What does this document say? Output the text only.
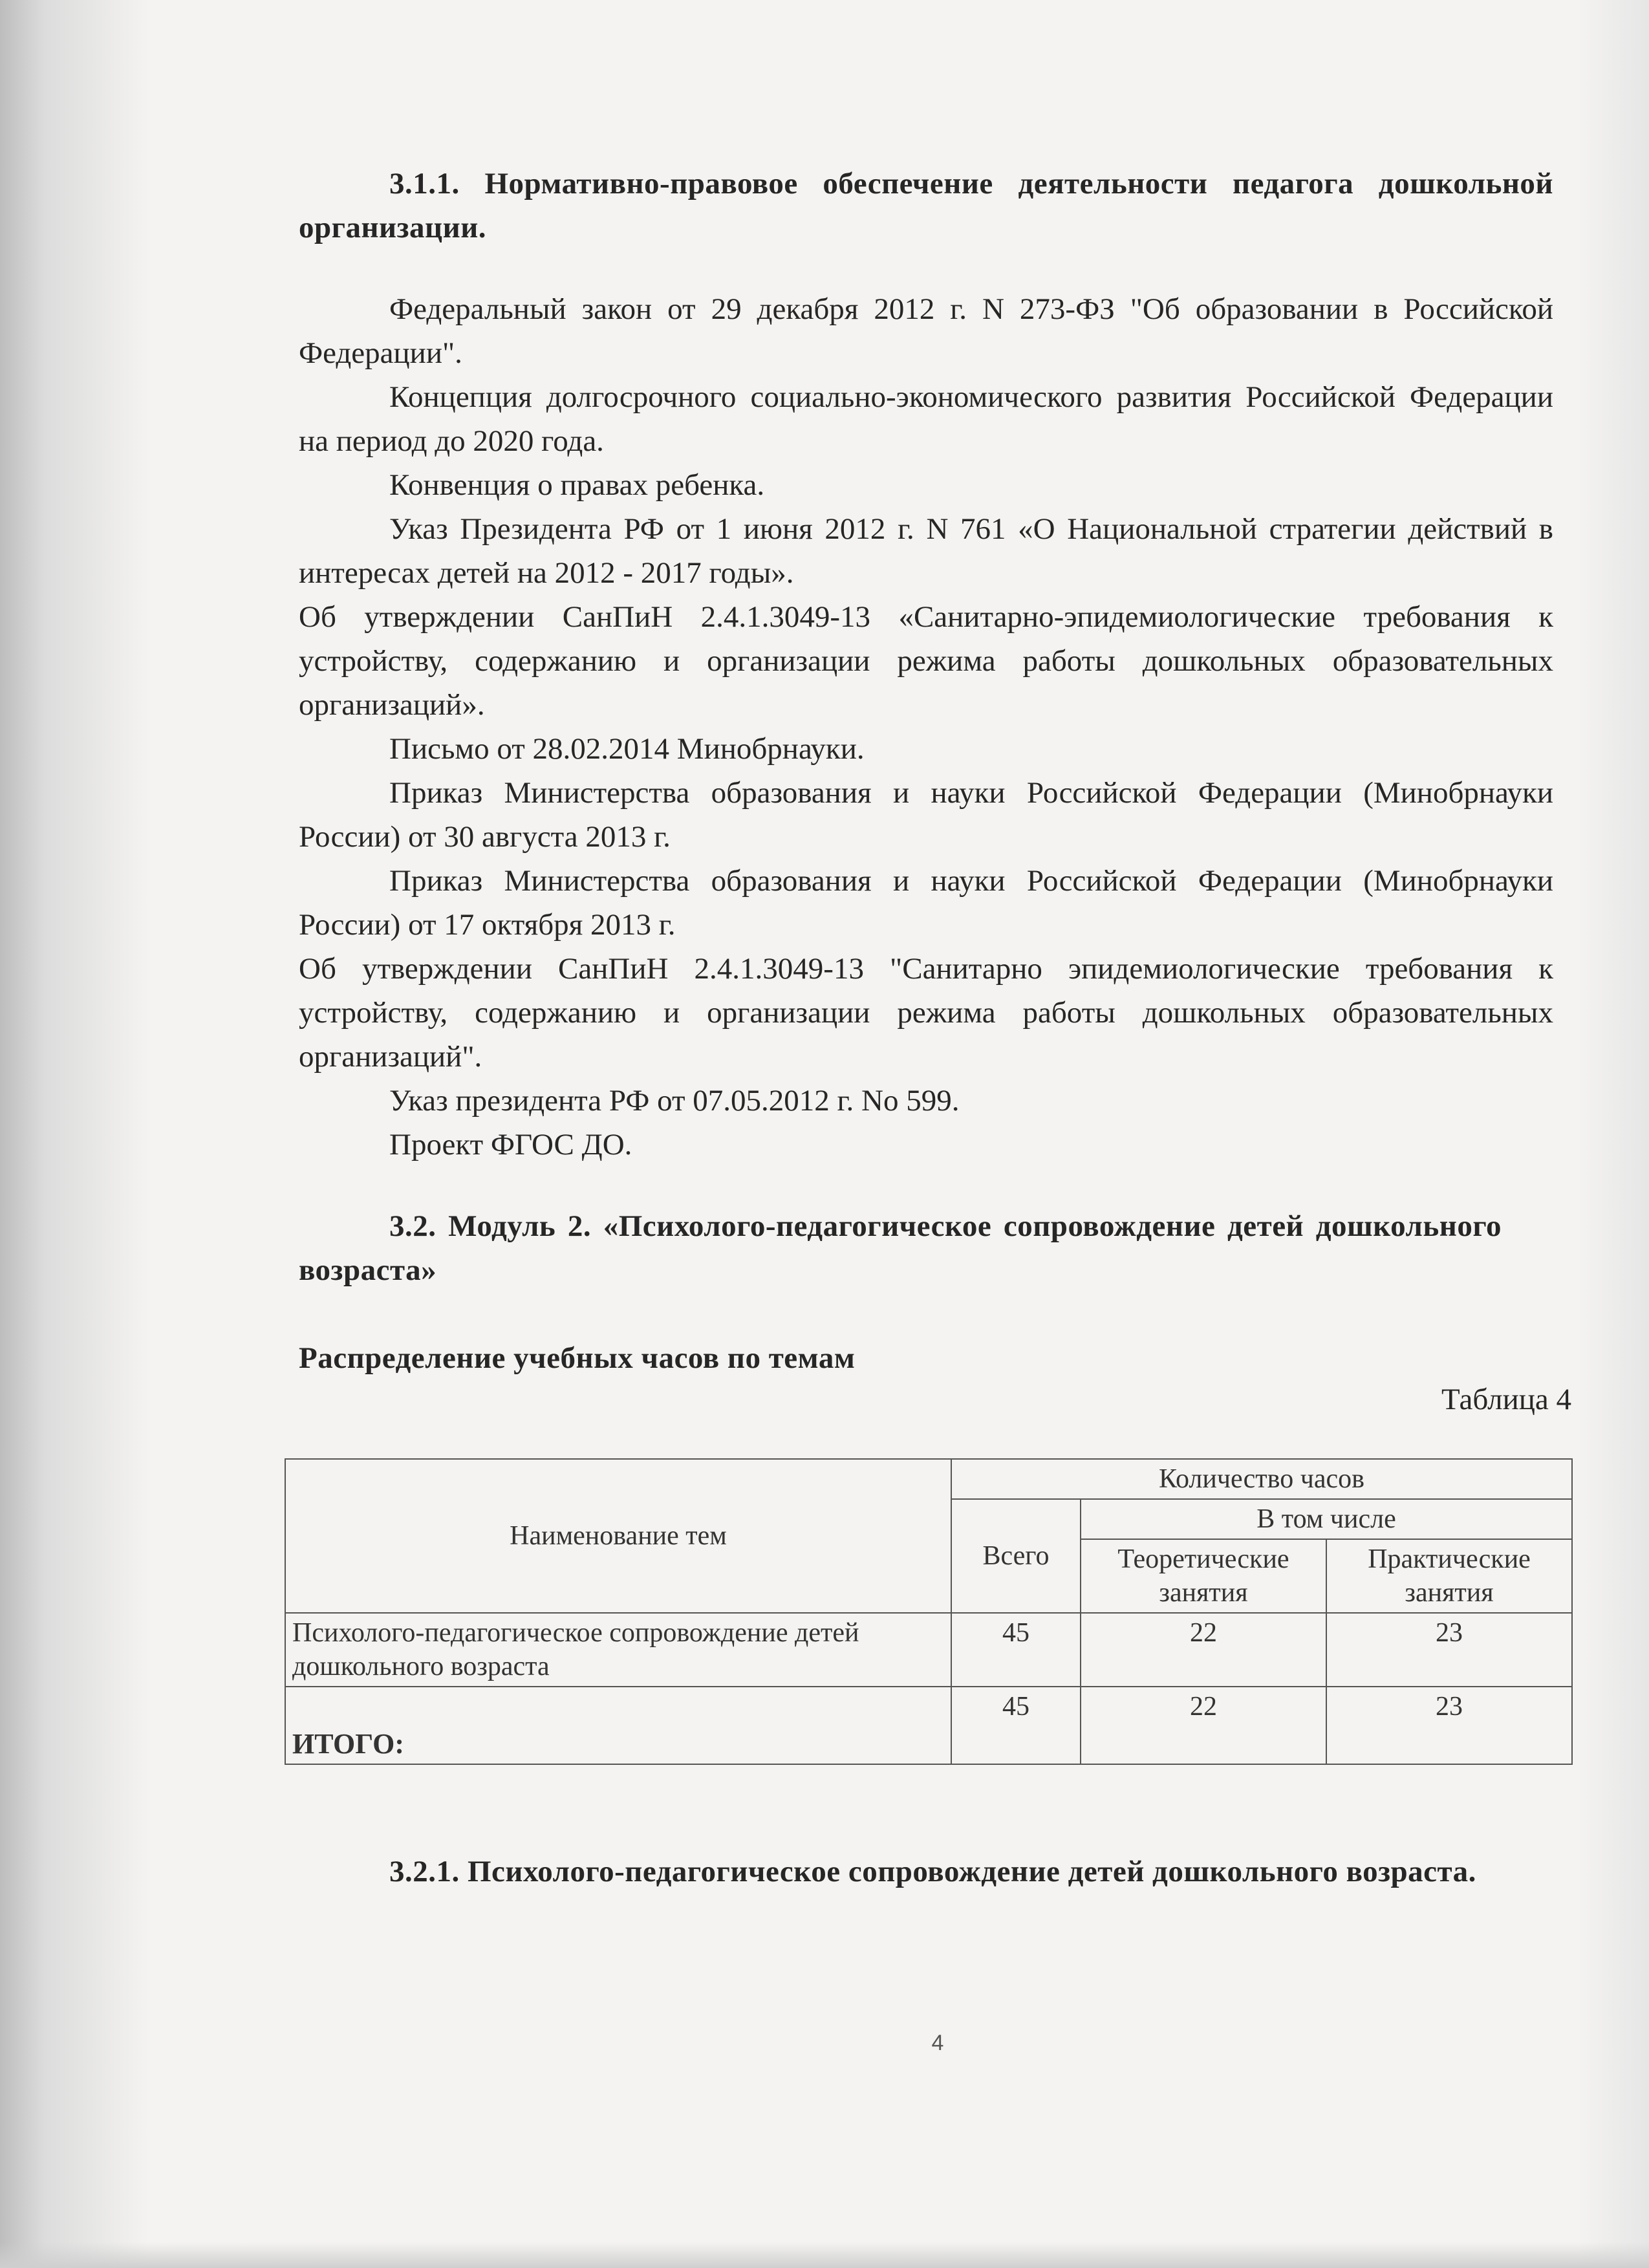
3.1.1. Нормативно-правовое обеспечение деятельности педагога дошкольной организации.

Федеральный закон от 29 декабря 2012 г. N 273-ФЗ "Об образовании в Российской Федерации".

Концепция долгосрочного социально-экономического развития Российской Федерации на период до 2020 года.

Конвенция о правах ребенка.

Указ Президента РФ от 1 июня 2012 г. N 761 «О Национальной стратегии действий в интересах детей на 2012 - 2017 годы».

Об утверждении СанПиН 2.4.1.3049-13 «Санитарно-эпидемиологические требования к устройству, содержанию и организации режима работы дошкольных образовательных организаций».

Письмо от 28.02.2014 Минобрнауки.

Приказ Министерства образования и науки Российской Федерации (Минобрнауки России) от 30 августа 2013 г.

Приказ Министерства образования и науки Российской Федерации (Минобрнауки России) от 17 октября 2013 г.

Об утверждении СанПиН 2.4.1.3049-13 "Санитарно эпидемиологические требования к устройству, содержанию и организации режима работы дошкольных образовательных организаций".

Указ президента РФ от 07.05.2012 г. No 599.

Проект ФГОС ДО.

3.2. Модуль 2. «Психолого-педагогическое сопровождение детей дошкольного возраста»

Распределение учебных часов по темам

Таблица 4
Наименование тем	Количество часов		
	Всего	В том числе	
		Теоретические занятия	Практические занятия
Психолого-педагогическое сопровождение детей дошкольного возраста	45	22	23
ИТОГО:	45	22	23

3.2.1. Психолого-педагогическое сопровождение детей дошкольного возраста.

4
